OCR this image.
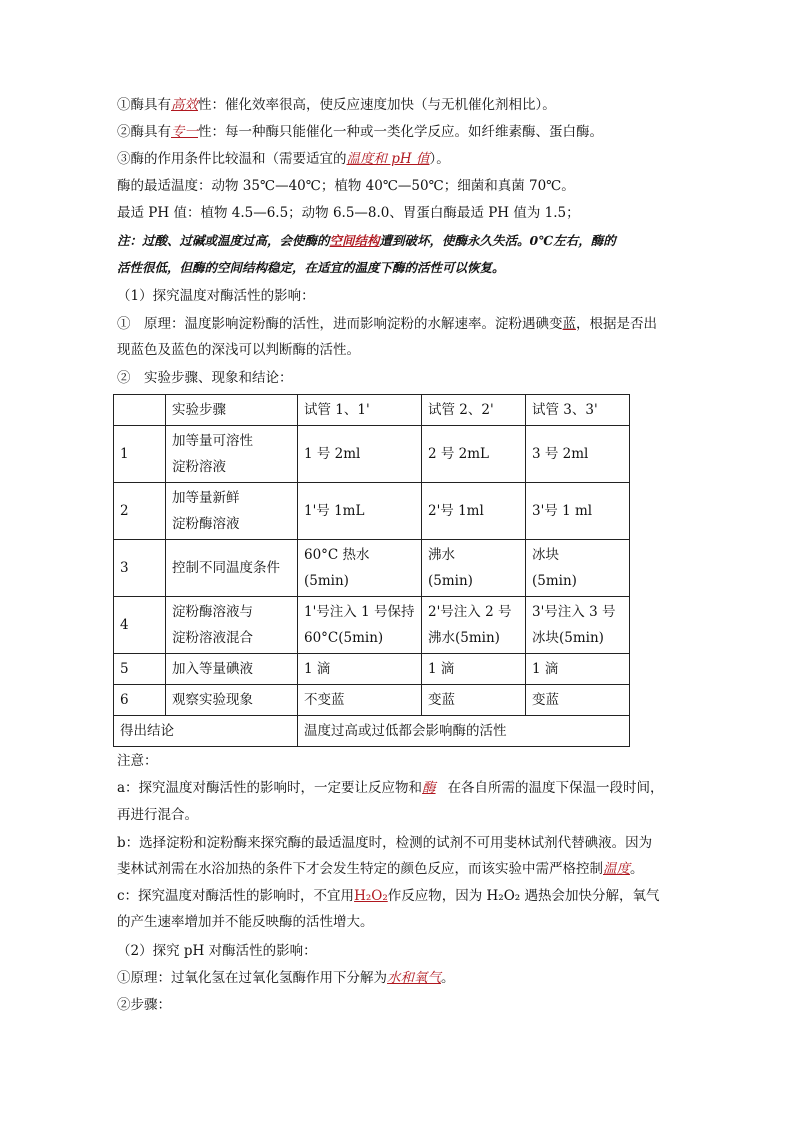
①酶具有高效性：催化效率很高，使反应速度加快（与无机催化剂相比）。
②酶具有专一性：每一种酶只能催化一种或一类化学反应。如纤维素酶、蛋白酶。
③酶的作用条件比较温和（需要适宜的温度和 pH 值）。
酶的最适温度：动物 35℃—40℃；植物 40℃—50℃；细菌和真菌 70℃。
最适 PH 值：植物 4.5—6.5；动物 6.5—8.0、胃蛋白酶最适 PH 值为 1.5；
注：过酸、过碱或温度过高，会使酶的空间结构遭到破坏，使酶永久失活。0℃左右，酶的
活性很低，但酶的空间结构稳定，在适宜的温度下酶的活性可以恢复。
（1）探究温度对酶活性的影响：
①　原理：温度影响淀粉酶的活性，进而影响淀粉的水解速率。淀粉遇碘变蓝，根据是否出
现蓝色及蓝色的深浅可以判断酶的活性。
②　实验步骤、现象和结论：
	实验步骤	试管 1、1'	试管 2、2'	试管 3、3'
1	加等量可溶性
淀粉溶液	1 号 2ml	2 号 2mL	3 号 2ml
2	加等量新鲜
淀粉酶溶液	1'号 1mL	2'号 1ml	3'号 1 ml
3	控制不同温度条件	60°C 热水
(5min)	沸水
(5min)	冰块
(5min)
4	淀粉酶溶液与
淀粉溶液混合	1'号注入 1 号保持
60°C(5min)	2'号注入 2 号
沸水(5min)	3'号注入 3 号
冰块(5min)
5	加入等量碘液	1 滴	1 滴	1 滴
6	观察实验现象	不变蓝	变蓝	变蓝
得出结论		温度过高或过低都会影响酶的活性		
注意：
a：探究温度对酶活性的影响时，一定要让反应物和酶 在各自所需的温度下保温一段时间，
再进行混合。
b：选择淀粉和淀粉酶来探究酶的最适温度时，检测的试剂不可用斐林试剂代替碘液。因为
斐林试剂需在水浴加热的条件下才会发生特定的颜色反应，而该实验中需严格控制温度。
c：探究温度对酶活性的影响时，不宜用H₂O₂作反应物，因为 H₂O₂ 遇热会加快分解，氧气
的产生速率增加并不能反映酶的活性增大。
（2）探究 pH 对酶活性的影响：
①原理：过氧化氢在过氧化氢酶作用下分解为水和氧气。
②步骤：
